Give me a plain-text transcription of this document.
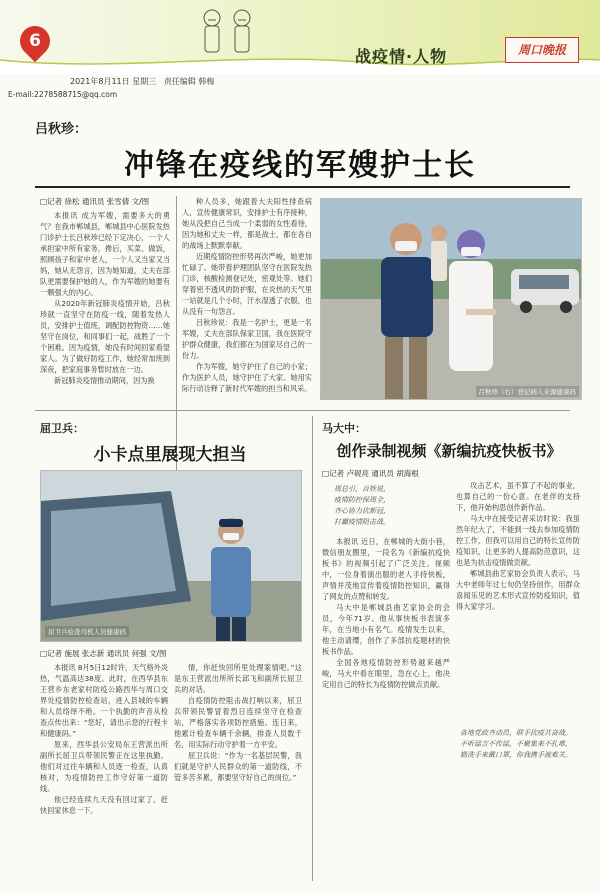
6
战疫情·人物	周口晚报
2021年8月11日 星期三 责任编辑 韩梅
E-mail:2278588715@qq.com
吕秋珍：
冲锋在疫线的军嫂护士长
□记者 徐松 通讯员 张雪倩 文/图

本报讯 成为军嫂，需要多大的勇气？在我市郸城县，郸城县中心医院发热门诊护士长吕秋珍已经下定决心，一个人承担家中所有家务，搀后，买菜、做饭，照顾孩子和家中老人，一个人又当家又当妈，她从无怨言，因为她知道，丈夫在部队更需要保护她的人，作为军嫂的她要有一颗强大的内心。

从2020年新冠肺炎疫情开始，吕秋珍就一直坚守在防疫一线，随着发热人员，安排护士值班，调配防控物资……她坚守在岗位，和同事们一起，战胜了一个个困难。因为疫情，她没有时间回家看望家人。为了做好防疫工作，她经常加班到深夜，把家庭事务暂时放在一边。

新冠肺炎疫情推动期间，因为换

种人员多，她跟着大夫阳性排查病人，宣传健康常识，安排护士有序接种，她从没把自己当成一个柔弱的女性看待，因为她和丈夫一样，都是战士，都在各自的战场上默默奉献。

近期疫情防控形势再次严峻，她更加忙碌了。她带着护理团队坚守在医院发热门诊，核酸检测登记处，密观处等。她们穿着密不透风的防护服，在炎热的天气里一站就是几个小时，汗水湿透了衣服，也从没有一句怨言。

吕秋珍说：我是一名护士，更是一名军嫂，丈夫在部队保家卫国，我在医院守护群众健康，我们都在为国家尽自己的一份力。

作为军嫂，她守护住了自己的小家；作为医护人员，她守护住了大家。她用实际行动诠释了新时代军嫂的担当和风采。	吕秋珍（右）登记病人来源健康码
屈卫兵：
小卡点里展现大担当
屈卫兵检查司机人员健康码
□记者 施展 张志新 通讯员 何强 文/图

本报讯 8月5日12时许，天气格外炎热，气温高达38度。此时，在西华县东王营乡东老家村防疫公路西华与周口交界处疫情防控检查站，进入县城的车辆和人员络绎不绝。一个执勤的声音从检查点传出来：“您好，请出示您的行程卡和健康码。”

原来，西华县公安局东王营派出所副所长屈卫兵带领民警正在这里执勤。他们对过往车辆和人员逐一检查，认真核对，为疫情防控工作守好第一道防线。

他已经连续九天没有回过家了，赶快回家休息一下。

情，你赶快回所里处理案情吧。”这是东王营派出所所长邱飞和副所长屈卫兵的对话。

自疫情防控阻击战打响以来，屈卫兵带领民警冒着烈日连续坚守在检查站，严格落实各项防控措施。连日来，他累计检查车辆千余辆，排查人员数千名，用实际行动守护着一方平安。

屈卫兵说：“作为一名基层民警，我们就是守护人民群众的第一道防线，不管多苦多累，都要坚守好自己的岗位。”

马大中：
创作录制视频《新编抗疫快板书》
□记者 卢砚亮 通讯员 胡海根
周总引，百姓说，
疫情防控保周全，
齐心协力抗新冠，
打赢疫情阻击战。

本报讯 近日，在郸城的大街小巷，微信朋友圈里，一段名为《新编抗疫快板书》的视频引起了广泛关注。视频中，一位身着演出服的老人手持快板，声情并茂地宣传着疫情防控知识，赢得了网友的点赞和转发。

马大中是郸城县曲艺家协会的会员，今年71岁。他从事快板书表演多年，在当地小有名气。疫情发生以来，他主动请缨，创作了多部抗疫题材的快板书作品。

全国各地疫情防控形势越来越严峻，马大中看在眼里，急在心上，他决定用自己的特长为疫情防控做点贡献。

攻击艺术，虽不算了不起的事业，也算自己的一份心意。在老伴的支持下，他开始构思创作新作品。

马大中在接受记者采访时说：我虽然年纪大了，不能到一线去参加疫情防控工作，但我可以用自己的特长宣传防疫知识，让更多的人提高防范意识，这也是为抗击疫情做贡献。

郸城县曲艺家协会负责人表示，马大中老师年过七旬仍坚持创作，用群众喜闻乐见的艺术形式宣传防疫知识，值得大家学习。

各地党政齐动员，联手抗疫共奋战。
不听谣言不传谣，不聚集来不扎堆，
勤洗手来戴口罩，你我携手渡难关。
